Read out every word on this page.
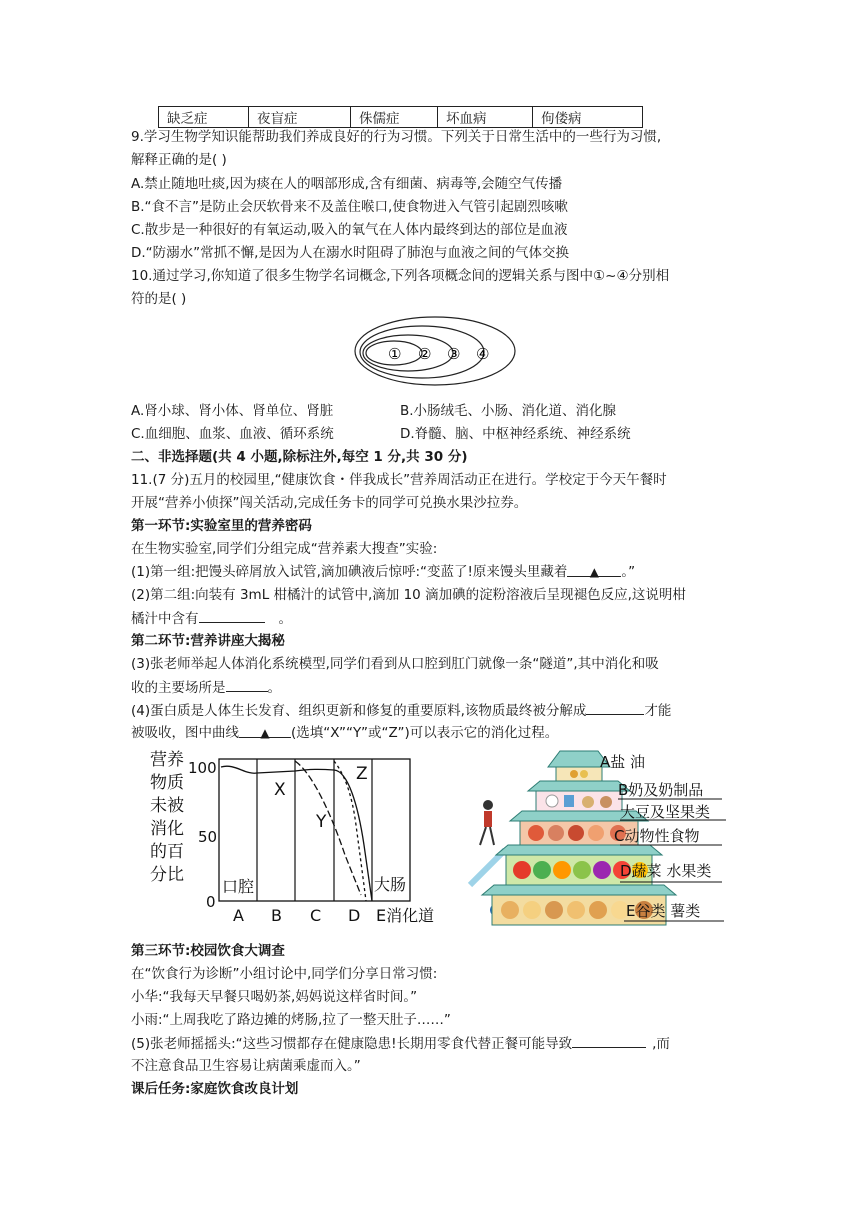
缺乏症	夜盲症	侏儒症	坏血病	佝偻病
9.学习生物学知识能帮助我们养成良好的行为习惯。下列关于日常生活中的一些行为习惯,
解释正确的是( )
A.禁止随地吐痰,因为痰在人的咽部形成,含有细菌、病毒等,会随空气传播
B.“食不言”是防止会厌软骨来不及盖住喉口,使食物进入气管引起剧烈咳嗽
C.散步是一种很好的有氧运动,吸入的氧气在人体内最终到达的部位是血液
D.“防溺水”常抓不懈,是因为人在溺水时阻碍了肺泡与血液之间的气体交换
10.通过学习,你知道了很多生物学名词概念,下列各项概念间的逻辑关系与图中①~④分别相
符的是( )
① ② ③ ④
A.肾小球、肾小体、肾单位、肾脏	B.小肠绒毛、小肠、消化道、消化腺
C.血细胞、血浆、血液、循环系统	D.脊髓、脑、中枢神经系统、神经系统
二、非选择题(共 4 小题,除标注外,每空 1 分,共 30 分)
11.(7 分)五月的校园里,“健康饮食・伴我成长”营养周活动正在进行。学校定于今天午餐时
开展“营养小侦探”闯关活动,完成任务卡的同学可兑换水果沙拉券。
第一环节:实验室里的营养密码
在生物实验室,同学们分组完成“营养素大搜查”实验:
(1)第一组:把馒头碎屑放入试管,滴加碘液后惊呼:“变蓝了!原来馒头里藏着 ▲ 。”
(2)第二组:向装有 3mL 柑橘汁的试管中,滴加 10 滴加碘的淀粉溶液后呈现褪色反应,这说明柑
橘汁中含有	。
第二环节:营养讲座大揭秘
(3)张老师举起人体消化系统模型,同学们看到从口腔到肛门就像一条“隧道”,其中消化和吸
收的主要场所是	。
(4)蛋白质是人体生长发育、组织更新和修复的重要原料,该物质最终被分解成	才能
被吸收，图中曲线 ▲ (选填“X”“Y”或“Z”)可以表示它的消化过程。
营 养
物 质
未 被
消 化
的 百
分 比
100
50
0
X
Y
Z
口腔	大肠
A B C D E消化道
A盐 油
B奶及奶制品
大豆及坚果类
C动物性食物
D蔬菜 水果类
E谷类 薯类
第三环节:校园饮食大调查
在“饮食行为诊断”小组讨论中,同学们分享日常习惯:
小华:“我每天早餐只喝奶茶,妈妈说这样省时间。”
小雨:“上周我吃了路边摊的烤肠,拉了一整天肚子……”
(5)张老师摇摇头:“这些习惯都存在健康隐患!长期用零食代替正餐可能导致	,而
不注意食品卫生容易让病菌乘虚而入。”
课后任务:家庭饮食改良计划
